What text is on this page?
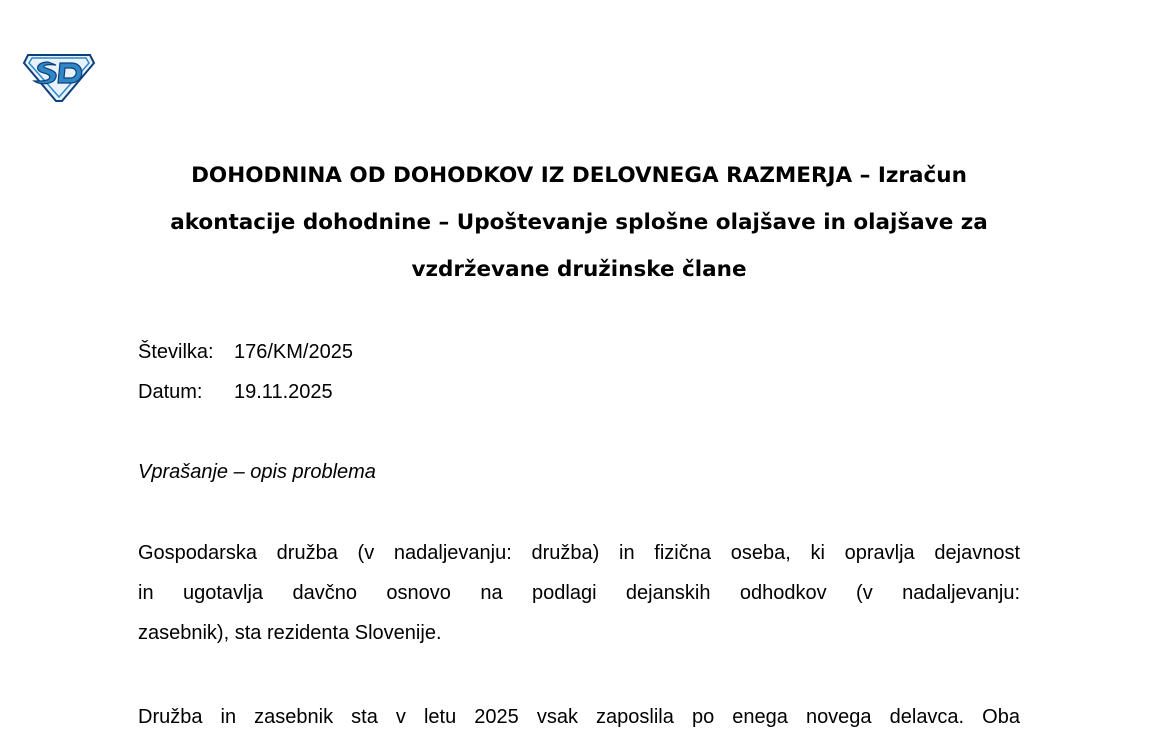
DOHODNINA OD DOHODKOV IZ DELOVNEGA RAZMERJA – Izračun
akontacije dohodnine – Upoštevanje splošne olajšave in olajšave za
vzdrževane družinske člane
Številka: 176/KM/2025
Datum: 19.11.2025
Vprašanje – opis problema

Gospodarska družba (v nadaljevanju: družba) in fizična oseba, ki opravlja dejavnost
in ugotavlja davčno osnovo na podlagi dejanskih odhodkov (v nadaljevanju:
zasebnik), sta rezidenta Slovenije.

Družba in zasebnik sta v letu 2025 vsak zaposlila po enega novega delavca. Oba
